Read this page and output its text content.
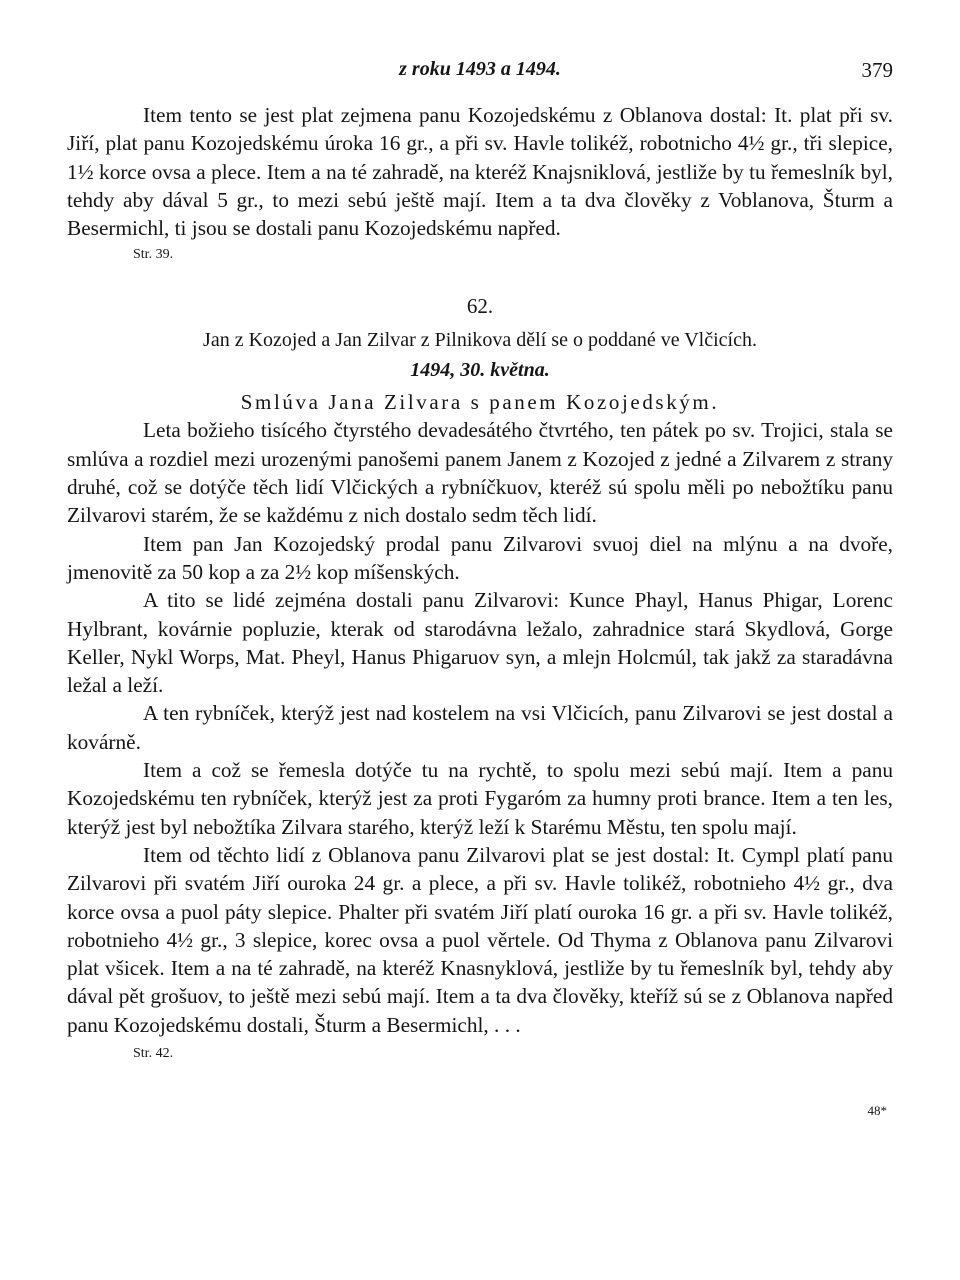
z roku 1493 a 1494.	379

Item tento se jest plat zejmena panu Kozojedskému z Oblanova dostal: It. plat při sv. Jiří, plat panu Kozojedskému úroka 16 gr., a při sv. Havle tolikéž, robotnicho 4½ gr., tři slepice, 1½ korce ovsa a plece. Item a na té zahradě, na kteréž Knajsniklová, jestliže by tu řemeslník byl, tehdy aby dával 5 gr., to mezi sebú ještě mají. Item a ta dva člověky z Voblanova, Šturm a Besermichl, ti jsou se dostali panu Kozojedskému napřed.

Str. 39.
62.
Jan z Kozojed a Jan Zilvar z Pilnikova dělí se o poddané ve Vlčicích.
1494, 30. května.
Smlúva Jana Zilvara s panem Kozojedským.

Leta božieho tisícého čtyrstého devadesátého čtvrtého, ten pátek po sv. Trojici, stala se smlúva a rozdiel mezi urozenými panošemi panem Janem z Kozojed z jedné a Zilvarem z strany druhé, což se dotýče těch lidí Vlčických a rybníčkuov, kteréž sú spolu měli po nebožtíku panu Zilvarovi starém, že se každému z nich dostalo sedm těch lidí.

Item pan Jan Kozojedský prodal panu Zilvarovi svuoj diel na mlýnu a na dvoře, jmenovitě za 50 kop a za 2½ kop míšenských.

A tito se lidé zejména dostali panu Zilvarovi: Kunce Phayl, Hanus Phigar, Lorenc Hylbrant, kovárnie popluzie, kterak od starodávna ležalo, zahradnice stará Skydlová, Gorge Keller, Nykl Worps, Mat. Pheyl, Hanus Phigaruov syn, a mlejn Holcmúl, tak jakž za staradávna ležal a leží.

A ten rybníček, kterýž jest nad kostelem na vsi Vlčicích, panu Zilvarovi se jest dostal a kovárně.

Item a což se řemesla dotýče tu na rychtě, to spolu mezi sebú mají. Item a panu Kozojedskému ten rybníček, kterýž jest za proti Fygaróm za humny proti brance. Item a ten les, kterýž jest byl nebožtíka Zilvara starého, kterýž leží k Starému Městu, ten spolu mají.

Item od těchto lidí z Oblanova panu Zilvarovi plat se jest dostal: It. Cympl platí panu Zilvarovi při svatém Jiří ouroka 24 gr. a plece, a při sv. Havle tolikéž, robotnieho 4½ gr., dva korce ovsa a puol páty slepice. Phalter při svatém Jiří platí ouroka 16 gr. a při sv. Havle tolikéž, robotnieho 4½ gr., 3 slepice, korec ovsa a puol věrtele. Od Thyma z Oblanova panu Zilvarovi plat všicek. Item a na té zahradě, na kteréž Knasnyklová, jestliže by tu řemeslník byl, tehdy aby dával pět grošuov, to ještě mezi sebú mají. Item a ta dva člověky, kteříž sú se z Oblanova napřed panu Kozojedskému dostali, Šturm a Besermichl, . . .

Str. 42.
48*
